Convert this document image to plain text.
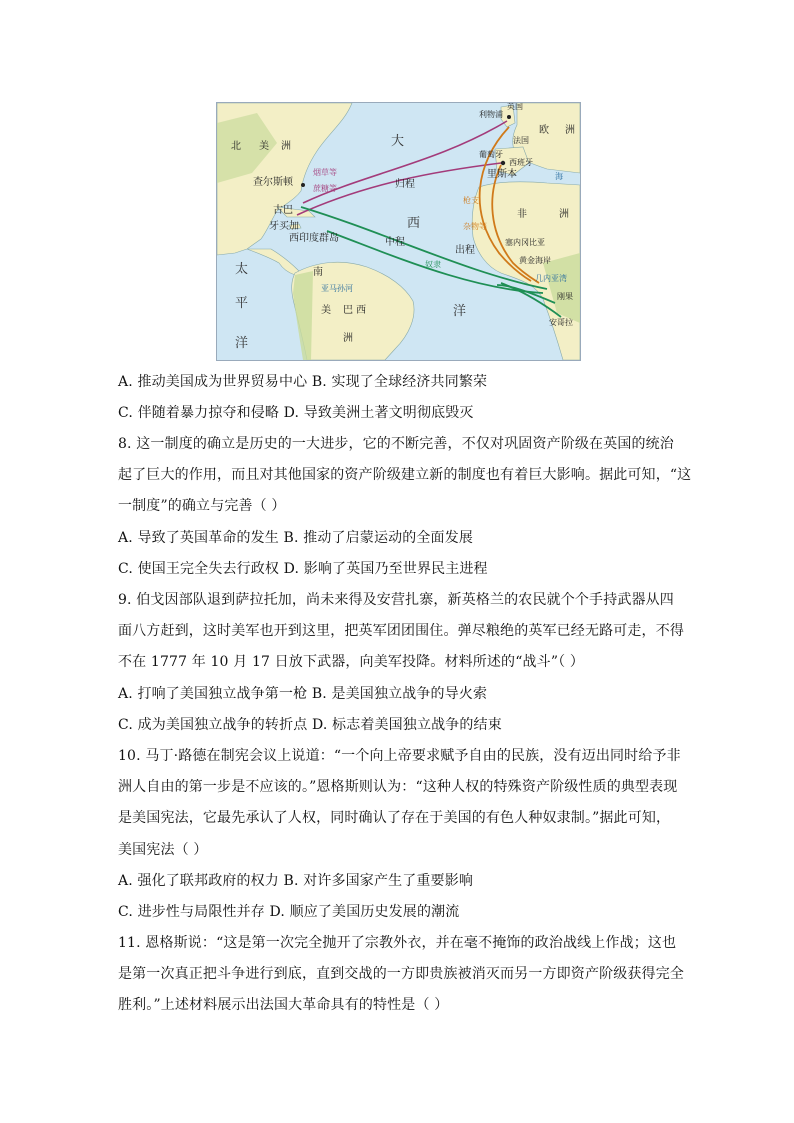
北 美 洲	大
西
洋
太
平
洋
欧 洲
非	洲
南
洲
巴 西
美
亚马孙河
查尔斯顿
古巴
牙买加
西印度群岛
利物浦
英国
法国
葡萄牙
西班牙
里斯本
归程
中程
出程
奴隶
烟草等
蔗糖等
枪支
杂物等
海
塞内冈比亚
黄金海岸
几内亚湾
刚果
安哥拉
A. 推动美国成为世界贸易中心 B. 实现了全球经济共同繁荣
C. 伴随着暴力掠夺和侵略 D. 导致美洲土著文明彻底毁灭
8. 这一制度的确立是历史的一大进步，它的不断完善，不仅对巩固资产阶级在英国的统治
起了巨大的作用，而且对其他国家的资产阶级建立新的制度也有着巨大影响。据此可知，“这
一制度”的确立与完善（ ）
A. 导致了英国革命的发生 B. 推动了启蒙运动的全面发展
C. 使国王完全失去行政权 D. 影响了英国乃至世界民主进程
9. 伯戈因部队退到萨拉托加，尚未来得及安营扎寨，新英格兰的农民就个个手持武器从四
面八方赶到，这时美军也开到这里，把英军团团围住。弹尽粮绝的英军已经无路可走，不得
不在 1777 年 10 月 17 日放下武器，向美军投降。材料所述的“战斗”（ ）
A. 打响了美国独立战争第一枪 B. 是美国独立战争的导火索
C. 成为美国独立战争的转折点 D. 标志着美国独立战争的结束
10. 马丁·路德在制宪会议上说道：“一个向上帝要求赋予自由的民族，没有迈出同时给予非
洲人自由的第一步是不应该的。”恩格斯则认为：“这种人权的特殊资产阶级性质的典型表现
是美国宪法，它最先承认了人权，同时确认了存在于美国的有色人种奴隶制。”据此可知，
美国宪法（ ）
A. 强化了联邦政府的权力 B. 对许多国家产生了重要影响
C. 进步性与局限性并存 D. 顺应了美国历史发展的潮流
11. 恩格斯说：“这是第一次完全抛开了宗教外衣，并在毫不掩饰的政治战线上作战；这也
是第一次真正把斗争进行到底，直到交战的一方即贵族被消灭而另一方即资产阶级获得完全
胜利。”上述材料展示出法国大革命具有的特性是（ ）
